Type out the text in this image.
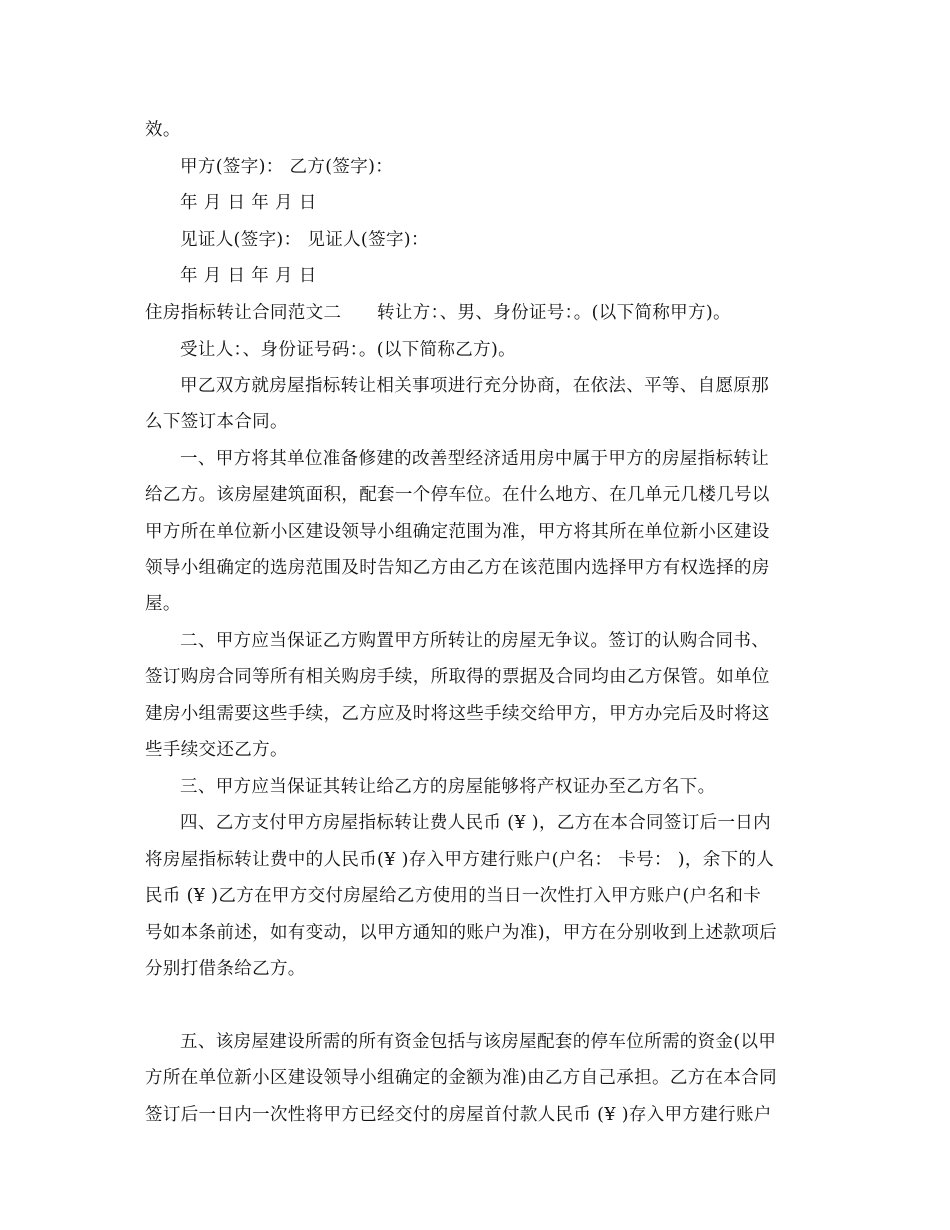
效。
甲方(签字)： 乙方(签字)：
年 月 日 年 月 日
见证人(签字)： 见证人(签字)：
年 月 日 年 月 日
住房指标转让合同范文二　　转让方：、男、身份证号：。(以下简称甲方)。
受让人：、身份证号码：。(以下简称乙方)。
甲乙双方就房屋指标转让相关事项进行充分协商，在依法、平等、自愿原那
么下签订本合同。
一、甲方将其单位准备修建的改善型经济适用房中属于甲方的房屋指标转让
给乙方。该房屋建筑面积，配套一个停车位。在什么地方、在几单元几楼几号以
甲方所在单位新小区建设领导小组确定范围为准，甲方将其所在单位新小区建设
领导小组确定的选房范围及时告知乙方由乙方在该范围内选择甲方有权选择的房
屋。
二、甲方应当保证乙方购置甲方所转让的房屋无争议。签订的认购合同书、
签订购房合同等所有相关购房手续，所取得的票据及合同均由乙方保管。如单位
建房小组需要这些手续，乙方应及时将这些手续交给甲方，甲方办完后及时将这
些手续交还乙方。
三、甲方应当保证其转让给乙方的房屋能够将产权证办至乙方名下。
四、乙方支付甲方房屋指标转让费人民币 (¥ )，乙方在本合同签订后一日内
将房屋指标转让费中的人民币(¥ )存入甲方建行账户(户名： 卡号： )，余下的人
民币 (¥ )乙方在甲方交付房屋给乙方使用的当日一次性打入甲方账户(户名和卡
号如本条前述，如有变动，以甲方通知的账户为准)，甲方在分别收到上述款项后
分别打借条给乙方。
五、该房屋建设所需的所有资金包括与该房屋配套的停车位所需的资金(以甲
方所在单位新小区建设领导小组确定的金额为准)由乙方自己承担。乙方在本合同
签订后一日内一次性将甲方已经交付的房屋首付款人民币 (¥ )存入甲方建行账户
